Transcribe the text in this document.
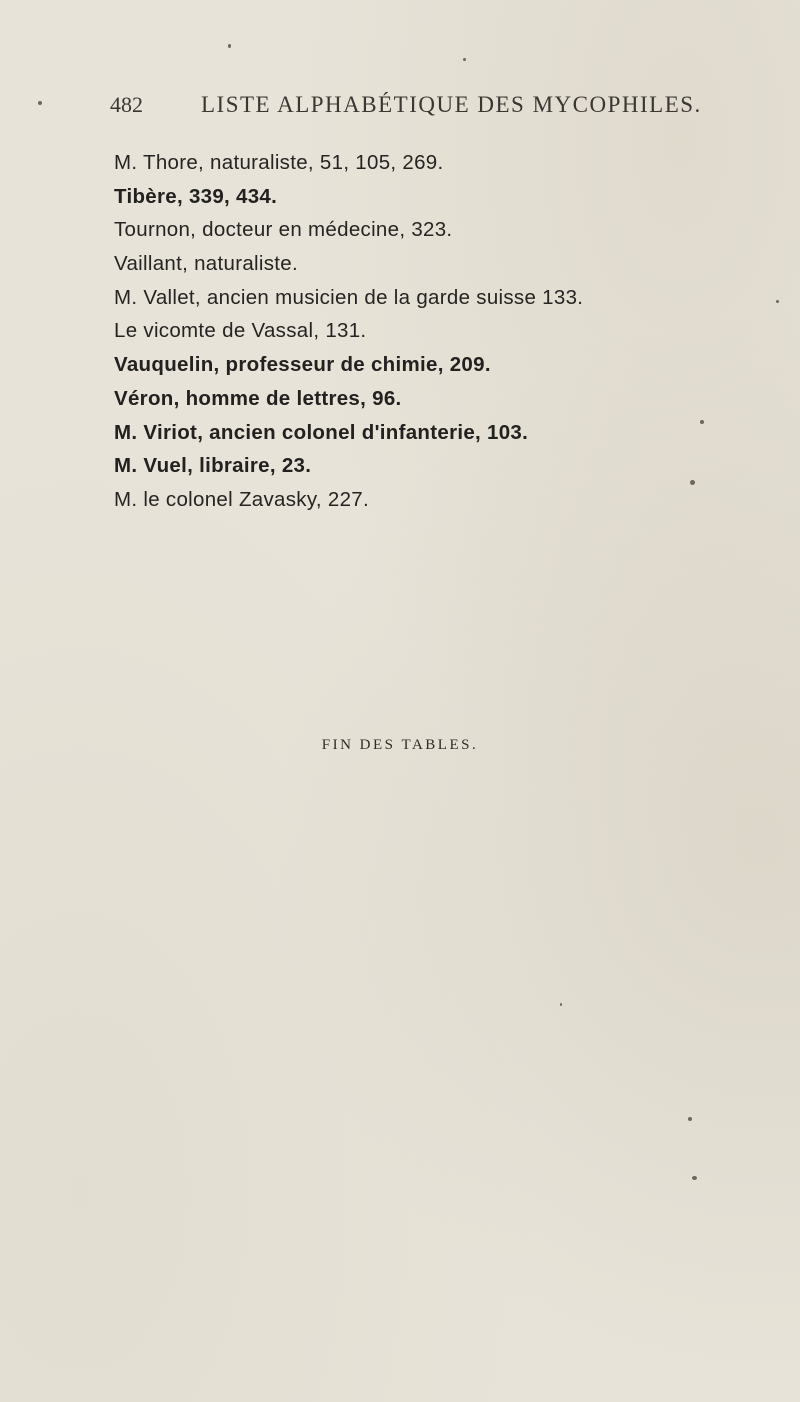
482	LISTE ALPHABÉTIQUE DES MYCOPHILES.
M. Thore, naturaliste, 51, 105, 269.
Tibère, 339, 434.
Tournon, docteur en médecine, 323.
Vaillant, naturaliste.
M. Vallet, ancien musicien de la garde suisse 133.
Le vicomte de Vassal, 131.
Vauquelin, professeur de chimie, 209.
Véron, homme de lettres, 96.
M. Viriot, ancien colonel d'infanterie, 103.
M. Vuel, libraire, 23.
M. le colonel Zavasky, 227.
FIN DES TABLES.
